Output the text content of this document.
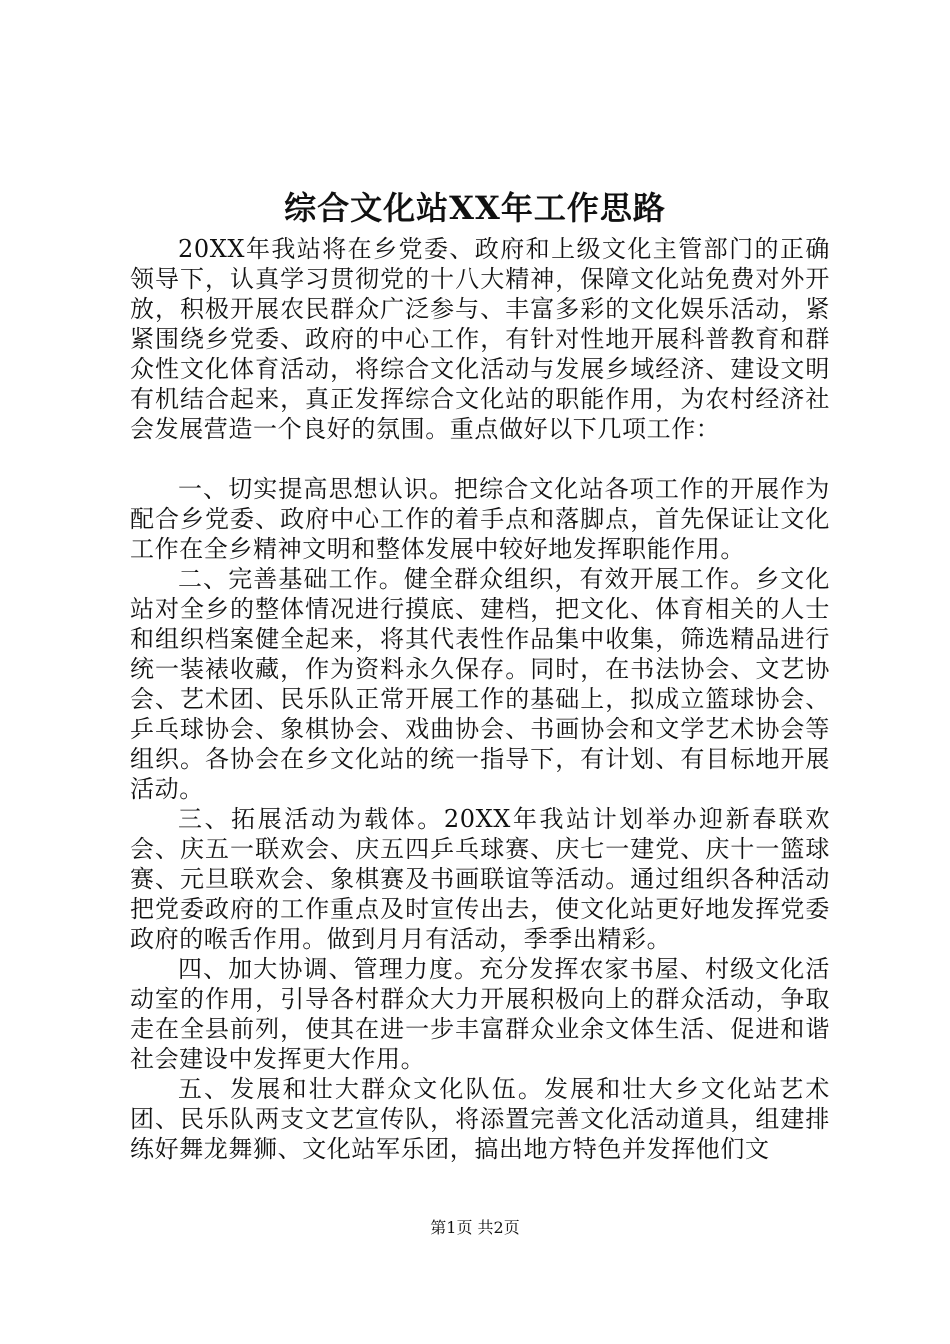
综合文化站XX年工作思路

20XX年我站将在乡党委、政府和上级文化主管部门的正确领导下，认真学习贯彻党的十八大精神，保障文化站免费对外开放，积极开展农民群众广泛参与、丰富多彩的文化娱乐活动，紧紧围绕乡党委、政府的中心工作，有针对性地开展科普教育和群众性文化体育活动，将综合文化活动与发展乡域经济、建设文明有机结合起来，真正发挥综合文化站的职能作用，为农村经济社会发展营造一个良好的氛围。重点做好以下几项工作：

一、切实提高思想认识。把综合文化站各项工作的开展作为配合乡党委、政府中心工作的着手点和落脚点，首先保证让文化工作在全乡精神文明和整体发展中较好地发挥职能作用。

二、完善基础工作。健全群众组织，有效开展工作。乡文化站对全乡的整体情况进行摸底、建档，把文化、体育相关的人士和组织档案健全起来，将其代表性作品集中收集，筛选精品进行统一装裱收藏，作为资料永久保存。同时，在书法协会、文艺协会、艺术团、民乐队正常开展工作的基础上，拟成立篮球协会、乒乓球协会、象棋协会、戏曲协会、书画协会和文学艺术协会等组织。各协会在乡文化站的统一指导下，有计划、有目标地开展活动。

三、拓展活动为载体。20XX年我站计划举办迎新春联欢会、庆五一联欢会、庆五四乒乓球赛、庆七一建党、庆十一篮球赛、元旦联欢会、象棋赛及书画联谊等活动。通过组织各种活动把党委政府的工作重点及时宣传出去，使文化站更好地发挥党委政府的喉舌作用。做到月月有活动，季季出精彩。

四、加大协调、管理力度。充分发挥农家书屋、村级文化活动室的作用，引导各村群众大力开展积极向上的群众活动，争取走在全县前列，使其在进一步丰富群众业余文体生活、促进和谐社会建设中发挥更大作用。

五、发展和壮大群众文化队伍。发展和壮大乡文化站艺术团、民乐队两支文艺宣传队，将添置完善文化活动道具，组建排练好舞龙舞狮、文化站军乐团，搞出地方特色并发挥他们文

第1页 共2页
